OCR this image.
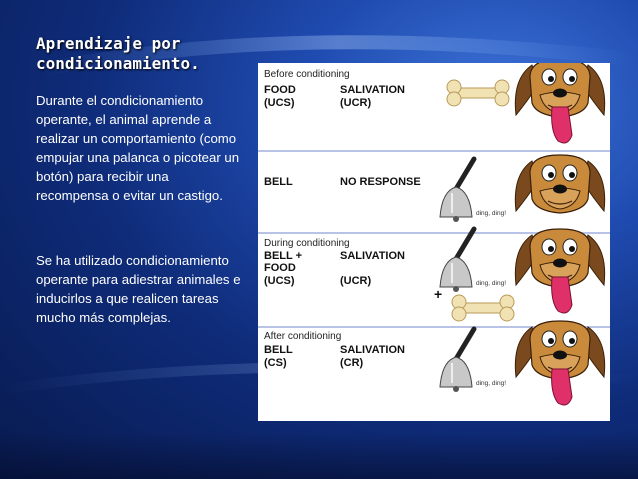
Aprendizaje por condicionamiento.

Durante el condicionamiento operante, el animal aprende a realizar un comportamiento (como empujar una palanca o picotear un botón) para recibir una recompensa o evitar un castigo.

Se ha utilizado condicionamiento operante para adiestrar animales e inducirlos a que realicen tareas mucho más complejas.

Before conditioning
FOOD
(UCS)
SALIVATION
(UCR)
BELL	NO RESPONSE
ding, ding!
During conditioning
BELL +
FOOD
(UCS)
SALIVATION
(UCR)	ding, ding!
+
After conditioning
BELL
(CS)
SALIVATION
(CR)
ding, ding!
